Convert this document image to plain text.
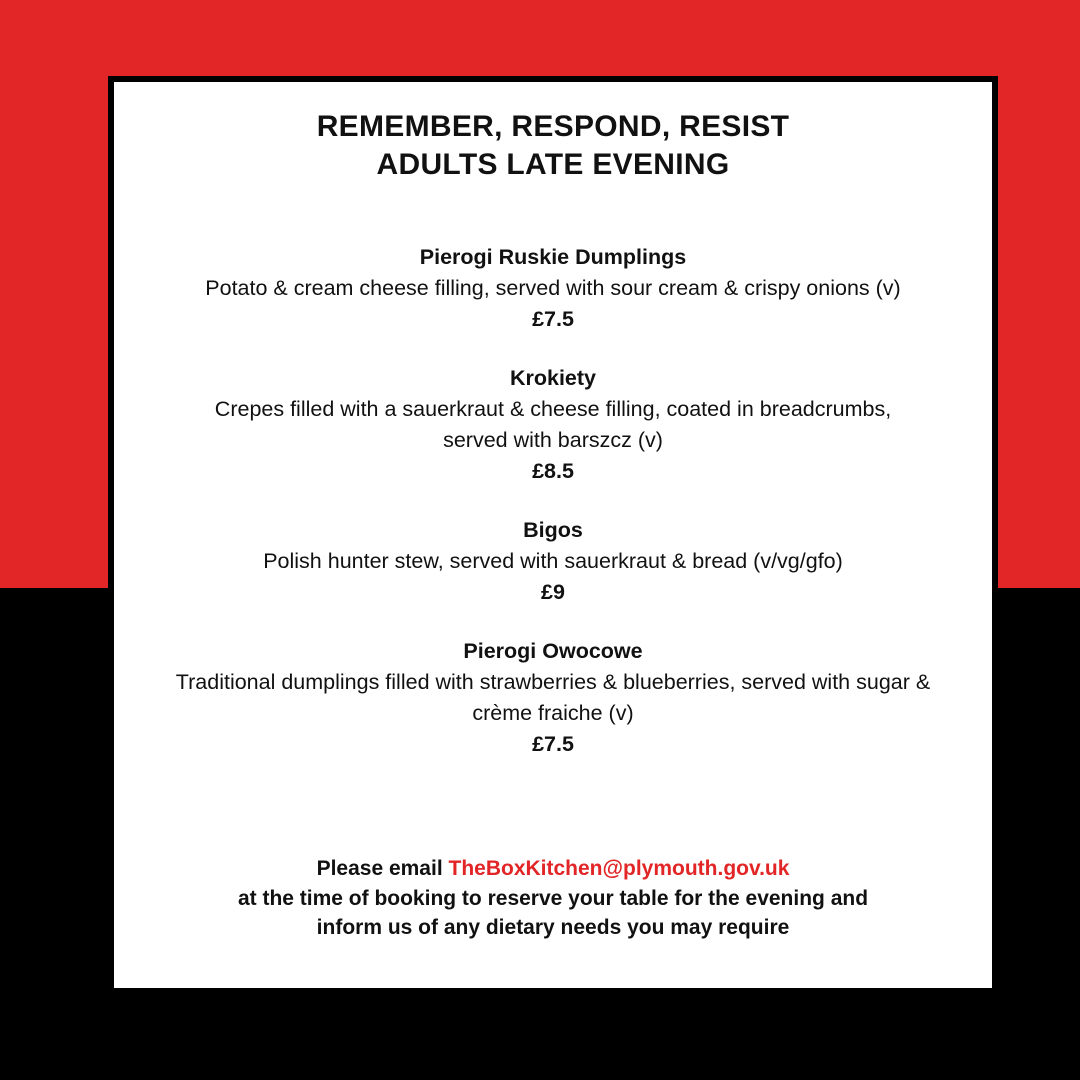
REMEMBER, RESPOND, RESIST
ADULTS LATE EVENING
Pierogi Ruskie Dumplings
Potato & cream cheese filling, served with sour cream & crispy onions (v)
£7.5
Krokiety
Crepes filled with a sauerkraut & cheese filling, coated in breadcrumbs, served with barszcz (v)
£8.5
Bigos
Polish hunter stew, served with sauerkraut & bread (v/vg/gfo)
£9
Pierogi Owocowe
Traditional dumplings filled with strawberries & blueberries, served with sugar & crème fraiche (v)
£7.5
Please email TheBoxKitchen@plymouth.gov.uk
at the time of booking to reserve your table for the evening and
inform us of any dietary needs you may require
